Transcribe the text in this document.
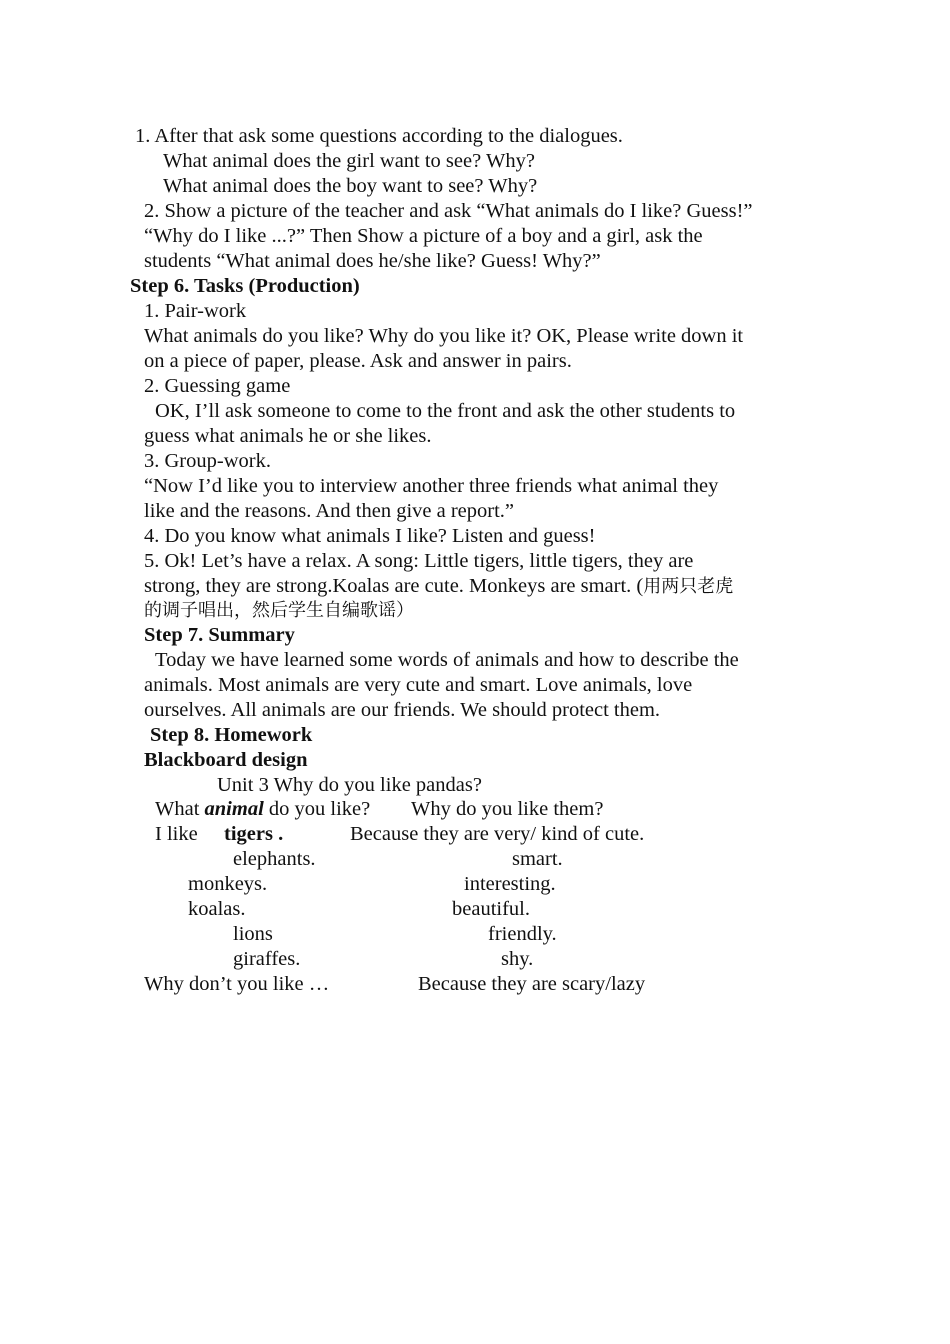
1. After that ask some questions according to the dialogues.
What animal does the girl want to see? Why?
What animal does the boy want to see? Why?
2. Show a picture of the teacher and ask “What animals do I like? Guess!”
“Why do I like ...?” Then Show a picture of a boy and a girl, ask the
students “What animal does he/she like? Guess! Why?”
Step 6. Tasks (Production)
1. Pair-work
What animals do you like? Why do you like it? OK, Please write down it
on a piece of paper, please. Ask and answer in pairs.
2. Guessing game
OK, I’ll ask someone to come to the front and ask the other students to
guess what animals he or she likes.
3. Group-work.
“Now I’d like you to interview another three friends what animal they
like and the reasons. And then give a report.”
4. Do you know what animals I like? Listen and guess!
5. Ok! Let’s have a relax. A song: Little tigers, little tigers, they are
strong, they are strong.Koalas are cute. Monkeys are smart. (用两只老虎
的调子唱出，然后学生自编歌谣）
Step 7. Summary
Today we have learned some words of animals and how to describe the
animals. Most animals are very cute and smart. Love animals, love
ourselves. All animals are our friends. We should protect them.
Step 8. Homework
Blackboard design
Unit 3 Why do you like pandas?
What animal do you like? Why do you like them?
I like tigers .	Because they are very/ kind of cute.
elephants.	smart.
monkeys.	interesting.
koalas.	beautiful.
lions	friendly.
giraffes.	shy.
Why don’t you like …	Because they are scary/lazy
